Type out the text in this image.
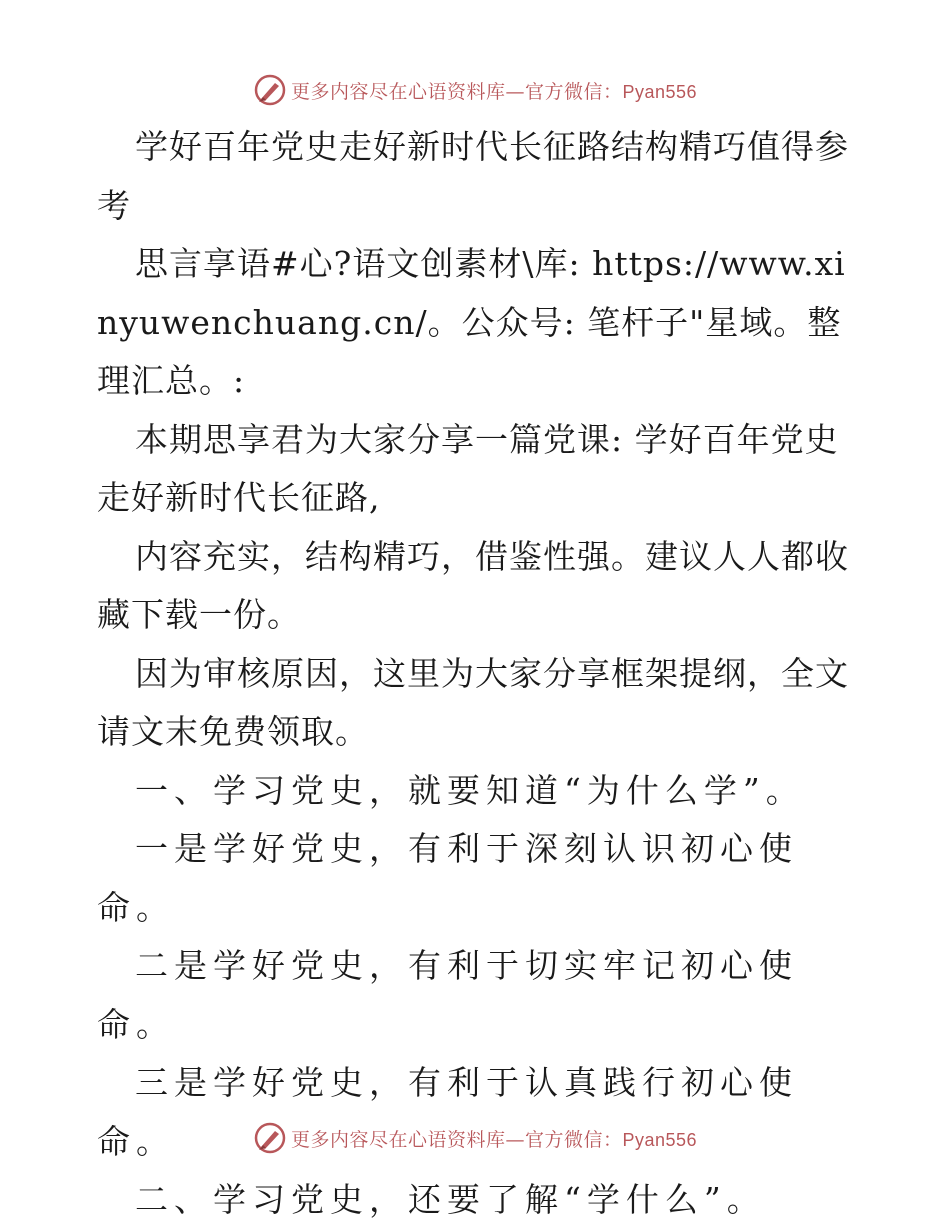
更多内容尽在心语资料库—官方微信：Pyan556

学好百年党史走好新时代长征路结构精巧值得参考

思言享语#心?语文创素材\库: https://www.xinyuwenchuang.cn/。公众号: 笔杆子"星域。整理汇总。:

本期思享君为大家分享一篇党课: 学好百年党史走好新时代长征路,

内容充实，结构精巧，借鉴性强。建议人人都收藏下载一份。

因为审核原因，这里为大家分享框架提纲，全文请文末免费领取。

一、学习党史，就要知道“为什么学”。

一是学好党史，有利于深刻认识初心使命。

二是学好党史，有利于切实牢记初心使命。

三是学好党史，有利于认真践行初心使命。

二、学习党史，还要了解“学什么”。

更多内容尽在心语资料库—官方微信：Pyan556
